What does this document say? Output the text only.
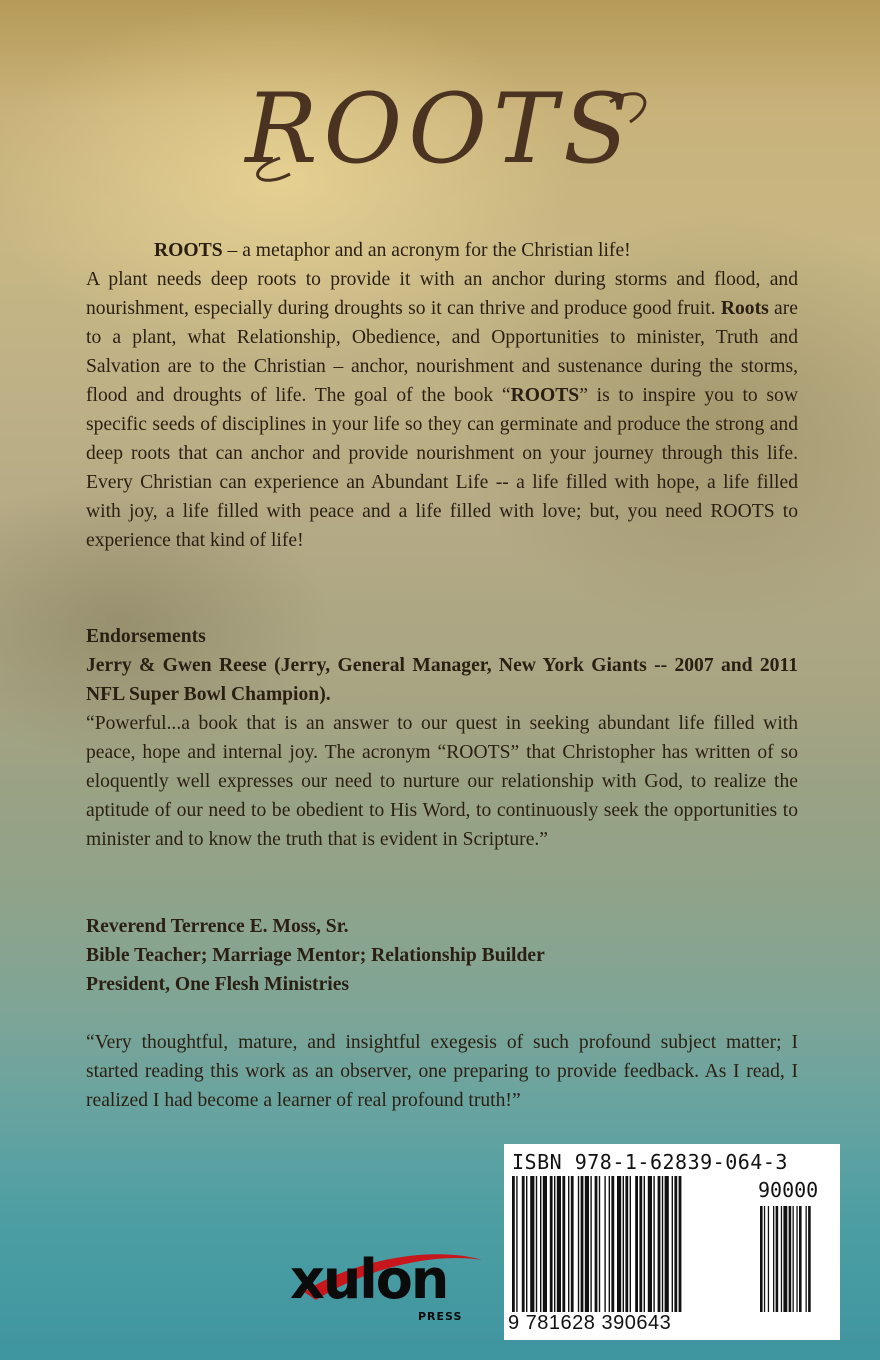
ROOTS
ROOTS – a metaphor and an acronym for the Christian life!
A plant needs deep roots to provide it with an anchor during storms and flood, and nourishment, especially during droughts so it can thrive and produce good fruit. Roots are to a plant, what Relationship, Obedience, and Opportunities to minister, Truth and Salvation are to the Christian – anchor, nourishment and sustenance during the storms, flood and droughts of life. The goal of the book “ROOTS” is to inspire you to sow specific seeds of disciplines in your life so they can germinate and produce the strong and deep roots that can anchor and provide nourishment on your journey through this life. Every Christian can experience an Abundant Life -- a life filled with hope, a life filled with joy, a life filled with peace and a life filled with love; but, you need ROOTS to experience that kind of life!
Endorsements
Jerry & Gwen Reese (Jerry, General Manager, New York Giants -- 2007 and 2011 NFL Super Bowl Champion).
“Powerful...a book that is an answer to our quest in seeking abundant life filled with peace, hope and internal joy. The acronym “ROOTS” that Christopher has written of so eloquently well expresses our need to nurture our relationship with God, to realize the aptitude of our need to be obedient to His Word, to continuously seek the opportunities to minister and to know the truth that is evident in Scripture.”
Reverend Terrence E. Moss, Sr.
Bible Teacher; Marriage Mentor; Relationship Builder
President, One Flesh Ministries
“Very thoughtful, mature, and insightful exegesis of such profound subject matter; I started reading this work as an observer, one preparing to provide feedback. As I read, I realized I had become a learner of real profound truth!”
ISBN 978-1-62839-064-3
90000
9 781628 390643
xulon
PRESS
